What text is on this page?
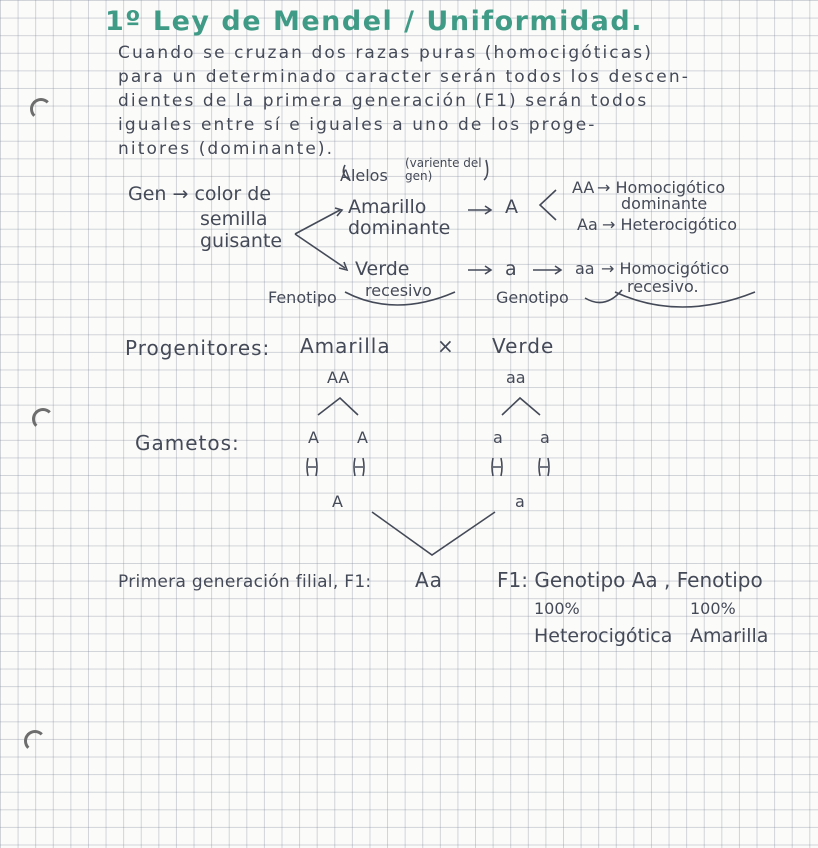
1º Ley de Mendel / Uniformidad.
Cuando se cruzan dos razas puras (homocigóticas)
para un determinado caracter serán todos los descen-
dientes de la primera generación (F1) serán todos
iguales entre sí e iguales a uno de los proge-
nitores (dominante).
Alelos
(variente del gen)
Gen → color de
semilla
guisante
Amarillo
dominante
A
AA → Homocigótico
dominante
Aa → Heterocigótico
Verde
recesivo
a	aa → Homocigótico
recesivo.
Fenotipo	Genotipo
Progenitores: Amarilla × Verde
AA	aa
Gametos:	A A	a a
A	a
Primera generación filial, F1: Aa	F1: Genotipo Aa , Fenotipo
100%	100%
Heterocigótica Amarilla
